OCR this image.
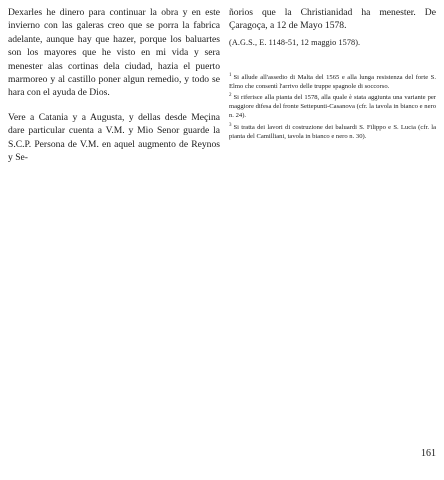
Dexarles he dinero para continuar la obra y en este invierno con las galeras creo que se porra la fabrica adelante, aunque hay que hazer, porque los baluartes son los mayores que he visto en mi vida y sera menester alas cortinas dela ciudad, hazia el puerto marmoreo y al castillo poner algun remedio, y todo se hara con el ayuda de Dios.

Vere a Catania y a Augusta, y dellas desde Meçina dare particular cuenta a V.M. y Mio Senor guarde la S.C.P. Persona de V.M. en aquel augmento de Reynos y Se-

ñorios que la Christianidad ha menester. De Çaragoça, a 12 de Mayo 1578.

(A.G.S., E. 1148-51, 12 maggio 1578).

$^1$ Si allude all'assedio di Malta del 1565 e alla lunga resistenza del forte S. Elmo che consentì l'arrivo delle truppe spagnole di soccorso.

$^2$ Si riferisce alla pianta del 1578, alla quale è stata aggiunta una variante per maggiore difesa del fronte Settepunti-Casanova (cfr. la tavola in bianco e nero n. 24).

$^3$ Si tratta dei lavori di costruzione dei baluardi S. Filippo e S. Lucia (cfr. la pianta del Camilliani, tavola in bianco e nero n. 30).

161
